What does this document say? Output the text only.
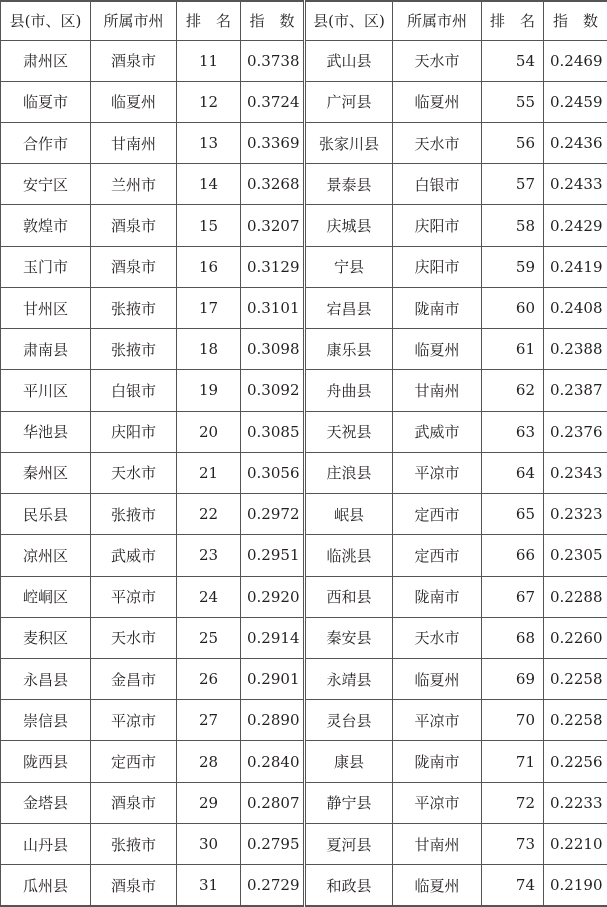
县(市、区)	所属市州	排　名	指　数	县(市、区)	所属市州	排　名	指　数
肃州区	酒泉市	11	0.3738	武山县	天水市	54	0.2469
临夏市	临夏州	12	0.3724	广河县	临夏州	55	0.2459
合作市	甘南州	13	0.3369	张家川县	天水市	56	0.2436
安宁区	兰州市	14	0.3268	景泰县	白银市	57	0.2433
敦煌市	酒泉市	15	0.3207	庆城县	庆阳市	58	0.2429
玉门市	酒泉市	16	0.3129	宁县	庆阳市	59	0.2419
甘州区	张掖市	17	0.3101	宕昌县	陇南市	60	0.2408
肃南县	张掖市	18	0.3098	康乐县	临夏州	61	0.2388
平川区	白银市	19	0.3092	舟曲县	甘南州	62	0.2387
华池县	庆阳市	20	0.3085	天祝县	武威市	63	0.2376
秦州区	天水市	21	0.3056	庄浪县	平凉市	64	0.2343
民乐县	张掖市	22	0.2972	岷县	定西市	65	0.2323
凉州区	武威市	23	0.2951	临洮县	定西市	66	0.2305
崆峒区	平凉市	24	0.2920	西和县	陇南市	67	0.2288
麦积区	天水市	25	0.2914	秦安县	天水市	68	0.2260
永昌县	金昌市	26	0.2901	永靖县	临夏州	69	0.2258
崇信县	平凉市	27	0.2890	灵台县	平凉市	70	0.2258
陇西县	定西市	28	0.2840	康县	陇南市	71	0.2256
金塔县	酒泉市	29	0.2807	静宁县	平凉市	72	0.2233
山丹县	张掖市	30	0.2795	夏河县	甘南州	73	0.2210
瓜州县	酒泉市	31	0.2729	和政县	临夏州	74	0.2190
